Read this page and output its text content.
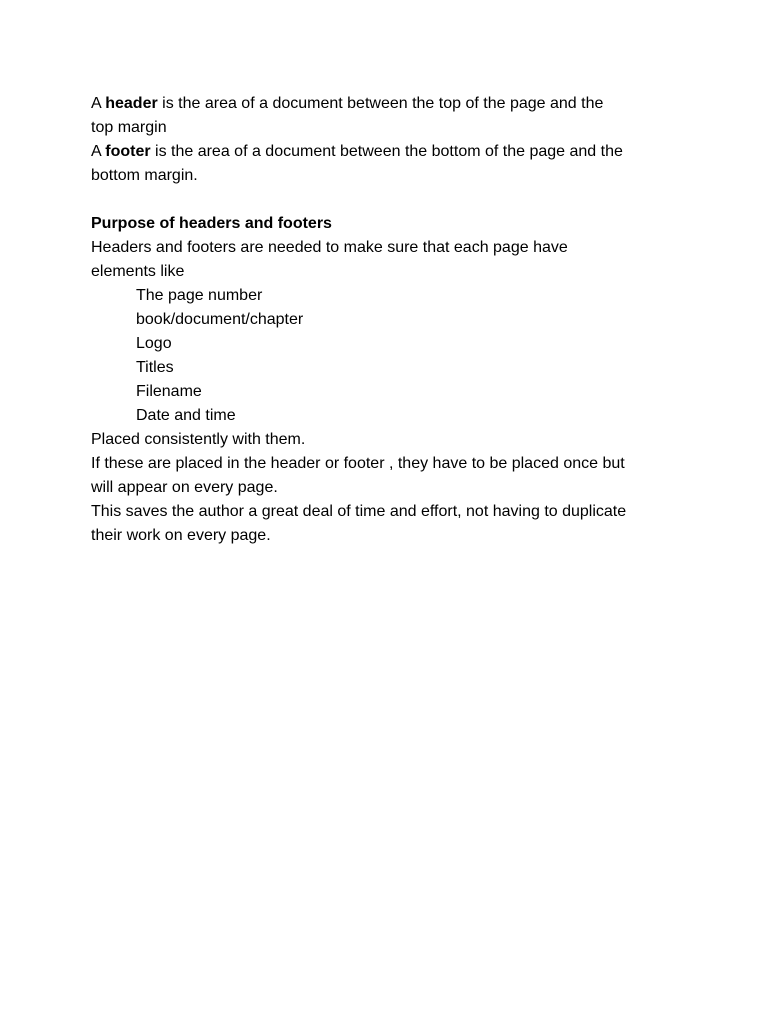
A header is the area of a document between the top of the page and the
top margin
A footer is the area of a document between the bottom of the page and the
bottom margin.
Purpose of headers and footers
Headers and footers are needed to make sure that each page have
elements like
The page number
book/document/chapter
Logo
Titles
Filename
Date and time
Placed consistently with them.
If these are placed in the header or footer , they have to be placed once but
will appear on every page.
This saves the author a great deal of time and effort, not having to duplicate
their work on every page.
